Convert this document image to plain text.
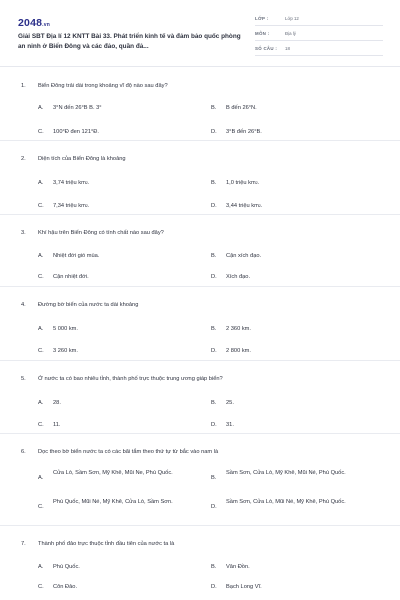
2048.vn
Giải SBT Địa lí 12 KNTT Bài 33. Phát triển kinh tế và đảm bảo quốc phòng an ninh ở Biển Đông và các đảo, quần đả...
LỚP :	Lớp 12
MÔN :	Địa lý
SỐ CÂU : 18
1. Biển Đông trải dài trong khoảng vĩ độ nào sau đây?
A.	3°N đến 26°B B. 3°	B.	B đến 26°N.
C.	100°Đ đen 121°Đ.	D.	3°B đến 26°B.
2. Diện tích của Biển Đông là khoảng
A.	3,74 triệu $km^2$.	B.	1,0 triệu $km^2$.
C.	7,34 triệu $km^2$.	D.	3,44 triệu $km^2$.
3. Khí hậu trên Biển Đông có tính chất nào sau đây?
A.	Nhiệt đới gió mùa.	B.	Cận xích đạo.
C.	Cận nhiệt đới.	D.	Xích đạo.
4. Đường bờ biển của nước ta dài khoảng
A.	5 000 km.	B.	2 360 km.
C.	3 260 km.	D.	2 800 km.
5. Ở nước ta có bao nhiêu tỉnh, thành phố trực thuộc trung ương giáp biển?
A.	28.	B.	25.
C.	11.	D.	31.
6. Dọc theo bờ biển nước ta có các bãi tắm theo thứ tự từ bắc vào nam là
A.
Cửa Lò, Sầm Sơn, Mỹ Khê, Mũi Ne, Phú Quốc.
B.
Sầm Sơn, Cửa Lò, Mỹ Khê, Mũi Né, Phú Quốc.
C.
Phú Quốc, Mũi Né, Mỹ Khê, Cửa Lò, Sầm Sơn.
D.
Sầm Sơn, Cửa Lò, Mũi Né, Mỹ Khê, Phú Quốc.
7. Thành phố đảo trực thuộc tỉnh đầu tiên của nước ta là
A.	Phú Quốc.	B.	Vân Đồn.
C.	Côn Đảo.	D.	Bạch Long Vĩ.
